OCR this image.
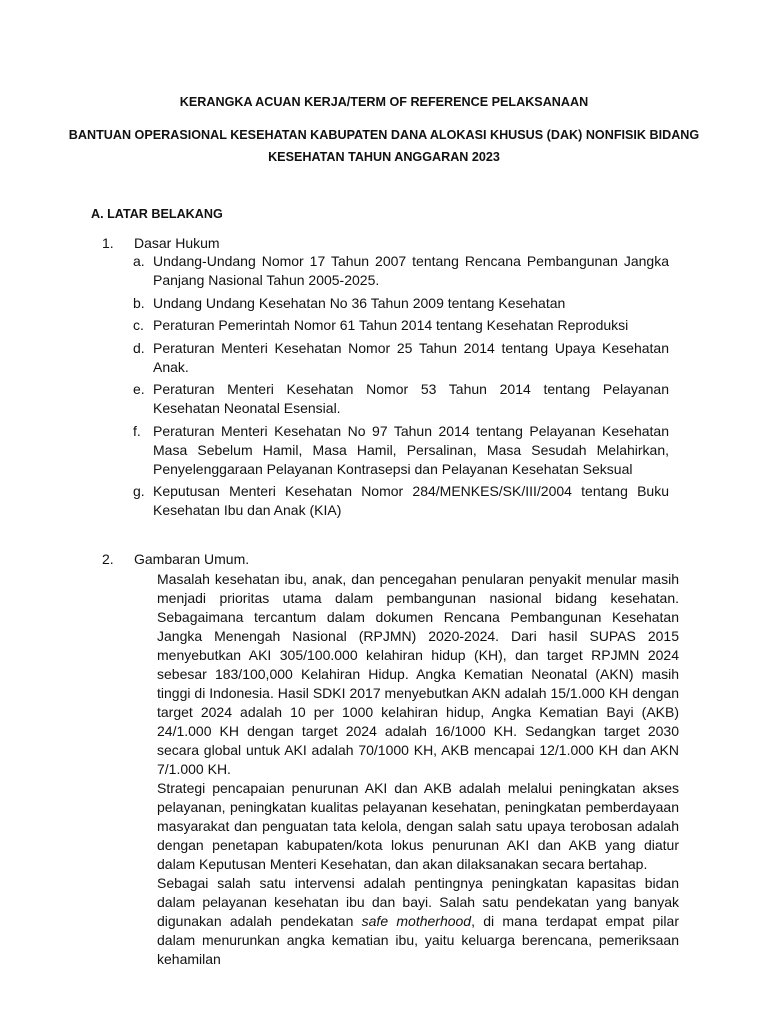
KERANGKA ACUAN KERJA/TERM OF REFERENCE PELAKSANAAN
BANTUAN OPERASIONAL KESEHATAN KABUPATEN DANA ALOKASI KHUSUS (DAK) NONFISIK BIDANG KESEHATAN TAHUN ANGGARAN 2023
A. LATAR BELAKANG
1. Dasar Hukum
a. Undang-Undang Nomor 17 Tahun 2007 tentang Rencana Pembangunan Jangka Panjang Nasional Tahun 2005-2025.
b. Undang Undang Kesehatan No 36 Tahun 2009 tentang Kesehatan
c. Peraturan Pemerintah Nomor 61 Tahun 2014 tentang Kesehatan Reproduksi
d. Peraturan Menteri Kesehatan Nomor 25 Tahun 2014 tentang Upaya Kesehatan Anak.
e. Peraturan Menteri Kesehatan Nomor 53 Tahun 2014 tentang Pelayanan Kesehatan Neonatal Esensial.
f. Peraturan Menteri Kesehatan No 97 Tahun 2014 tentang Pelayanan Kesehatan Masa Sebelum Hamil, Masa Hamil, Persalinan, Masa Sesudah Melahirkan, Penyelenggaraan Pelayanan Kontrasepsi dan Pelayanan Kesehatan Seksual
g. Keputusan Menteri Kesehatan Nomor 284/MENKES/SK/III/2004 tentang Buku Kesehatan Ibu dan Anak (KIA)
2. Gambaran Umum.

Masalah kesehatan ibu, anak, dan pencegahan penularan penyakit menular masih menjadi prioritas utama dalam pembangunan nasional bidang kesehatan. Sebagaimana tercantum dalam dokumen Rencana Pembangunan Kesehatan Jangka Menengah Nasional (RPJMN) 2020-2024. Dari hasil SUPAS 2015 menyebutkan AKI 305/100.000 kelahiran hidup (KH), dan target RPJMN 2024 sebesar 183/100,000 Kelahiran Hidup. Angka Kematian Neonatal (AKN) masih tinggi di Indonesia. Hasil SDKI 2017 menyebutkan AKN adalah 15/1.000 KH dengan target 2024 adalah 10 per 1000 kelahiran hidup, Angka Kematian Bayi (AKB) 24/1.000 KH dengan target 2024 adalah 16/1000 KH. Sedangkan target 2030 secara global untuk AKI adalah 70/1000 KH, AKB mencapai 12/1.000 KH dan AKN 7/1.000 KH.

Strategi pencapaian penurunan AKI dan AKB adalah melalui peningkatan akses pelayanan, peningkatan kualitas pelayanan kesehatan, peningkatan pemberdayaan masyarakat dan penguatan tata kelola, dengan salah satu upaya terobosan adalah dengan penetapan kabupaten/kota lokus penurunan AKI dan AKB yang diatur dalam Keputusan Menteri Kesehatan, dan akan dilaksanakan secara bertahap.

Sebagai salah satu intervensi adalah pentingnya peningkatan kapasitas bidan dalam pelayanan kesehatan ibu dan bayi. Salah satu pendekatan yang banyak digunakan adalah pendekatan safe motherhood, di mana terdapat empat pilar dalam menurunkan angka kematian ibu, yaitu keluarga berencana, pemeriksaan kehamilan
